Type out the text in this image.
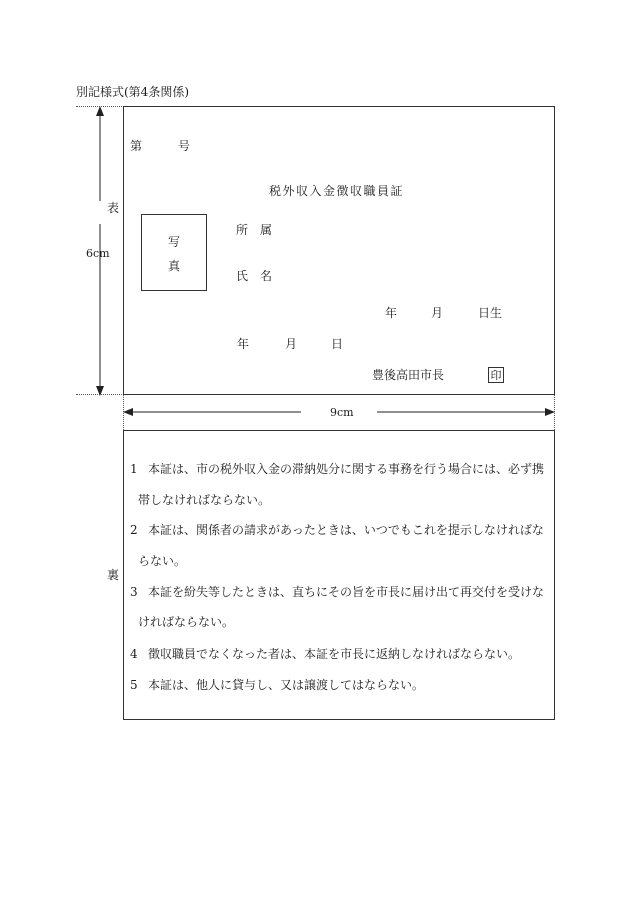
別記様式(第4条関係)
6cm
表
第	号
税外収入金徴収職員証
写
真
所　属
氏　名
年	月	日生
年	月	日
豊後高田市長	印
9cm
裏
1 本証は、市の税外収入金の滞納処分に関する事務を行う場合には、必ず携
帯しなければならない。
2 本証は、関係者の請求があったときは、いつでもこれを提示しなければな
らない。
3 本証を紛失等したときは、直ちにその旨を市長に届け出て再交付を受けな
ければならない。
4 徴収職員でなくなった者は、本証を市長に返納しなければならない。
5 本証は、他人に貸与し、又は譲渡してはならない。
